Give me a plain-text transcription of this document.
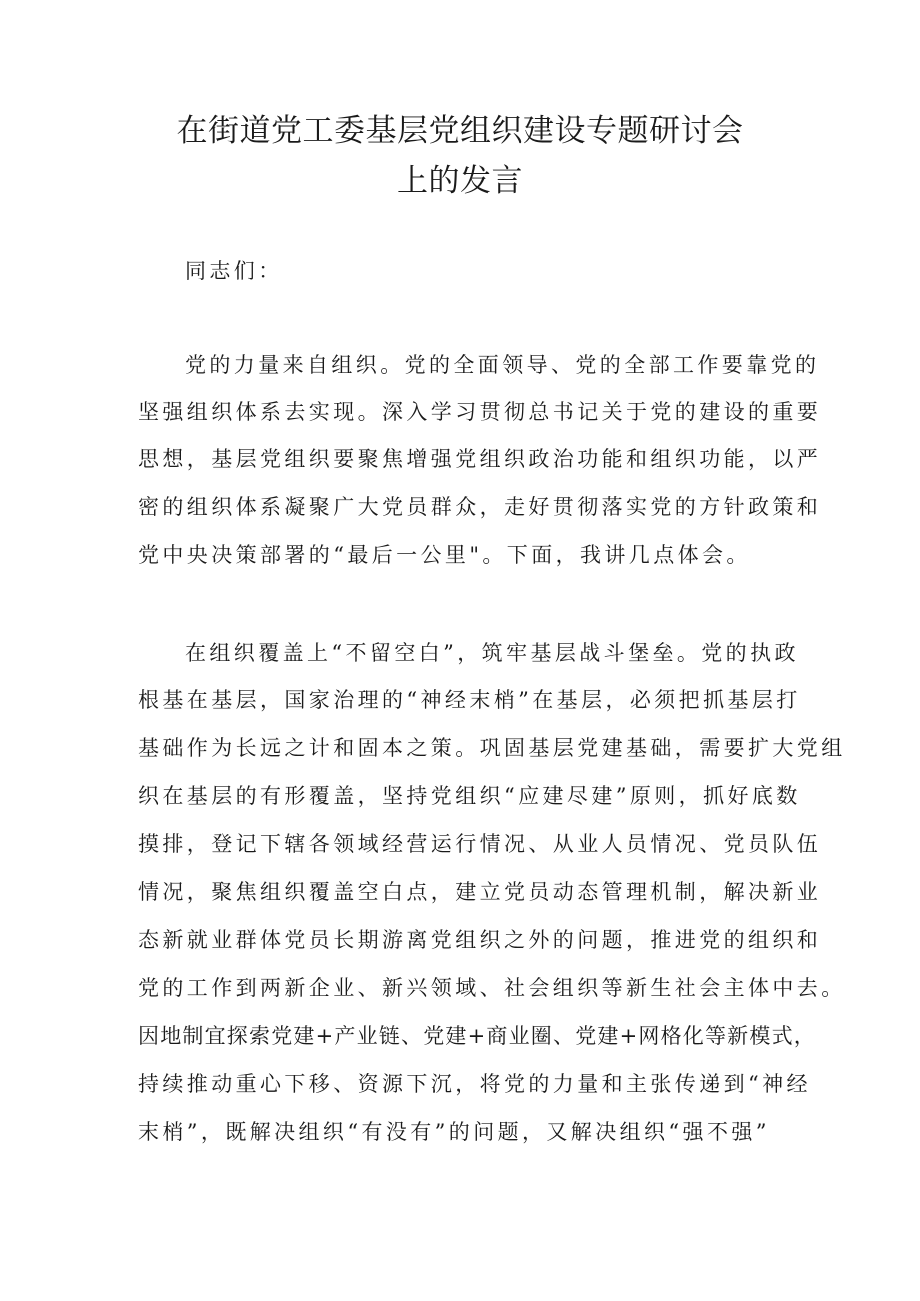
在街道党工委基层党组织建设专题研讨会
上的发言

同志们：

党的力量来自组织。党的全面领导、党的全部工作要靠党的

坚强组织体系去实现。深入学习贯彻总书记关于党的建设的重要

思想，基层党组织要聚焦增强党组织政治功能和组织功能，以严

密的组织体系凝聚广大党员群众，走好贯彻落实党的方针政策和

党中央决策部署的“最后一公里"。下面，我讲几点体会。

在组织覆盖上“不留空白”，筑牢基层战斗堡垒。党的执政

根基在基层，国家治理的“神经末梢”在基层，必须把抓基层打

基础作为长远之计和固本之策。巩固基层党建基础，需要扩大党组

织在基层的有形覆盖，坚持党组织“应建尽建”原则，抓好底数

摸排，登记下辖各领域经营运行情况、从业人员情况、党员队伍

情况，聚焦组织覆盖空白点，建立党员动态管理机制，解决新业

态新就业群体党员长期游离党组织之外的问题，推进党的组织和

党的工作到两新企业、新兴领域、社会组织等新生社会主体中去。

因地制宜探索党建+产业链、党建+商业圈、党建+网格化等新模式，

持续推动重心下移、资源下沉，将党的力量和主张传递到“神经

末梢”，既解决组织“有没有”的问题，又解决组织“强不强”
